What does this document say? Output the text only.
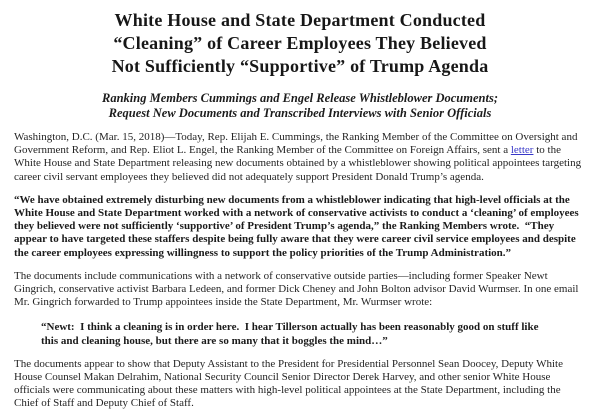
White House and State Department Conducted
“Cleaning” of Career Employees They Believed
Not Sufficiently “Supportive” of Trump Agenda
Ranking Members Cummings and Engel Release Whistleblower Documents;
Request New Documents and Transcribed Interviews with Senior Officials

Washington, D.C. (Mar. 15, 2018)—Today, Rep. Elijah E. Cummings, the Ranking Member of the Committee on Oversight and Government Reform, and Rep. Eliot L. Engel, the Ranking Member of the Committee on Foreign Affairs, sent a letter to the White House and State Department releasing new documents obtained by a whistleblower showing political appointees targeting career civil servant employees they believed did not adequately support President Donald Trump’s agenda.

“We have obtained extremely disturbing new documents from a whistleblower indicating that high-level officials at the White House and State Department worked with a network of conservative activists to conduct a ‘cleaning’ of employees they believed were not sufficiently ‘supportive’ of President Trump’s agenda,” the Ranking Members wrote.  “They appear to have targeted these staffers despite being fully aware that they were career civil service employees and despite the career employees expressing willingness to support the policy priorities of the Trump Administration.”

The documents include communications with a network of conservative outside parties—including former Speaker Newt Gingrich, conservative activist Barbara Ledeen, and former Dick Cheney and John Bolton advisor David Wurmser. In one email Mr. Gingrich forwarded to Trump appointees inside the State Department, Mr. Wurmser wrote:

“Newt:  I think a cleaning is in order here.  I hear Tillerson actually has been reasonably good on stuff like this and cleaning house, but there are so many that it boggles the mind…”

The documents appear to show that Deputy Assistant to the President for Presidential Personnel Sean Doocey, Deputy White House Counsel Makan Delrahim, National Security Council Senior Director Derek Harvey, and other senior White House officials were communicating about these matters with high-level political appointees at the State Department, including the Chief of Staff and Deputy Chief of Staff.
